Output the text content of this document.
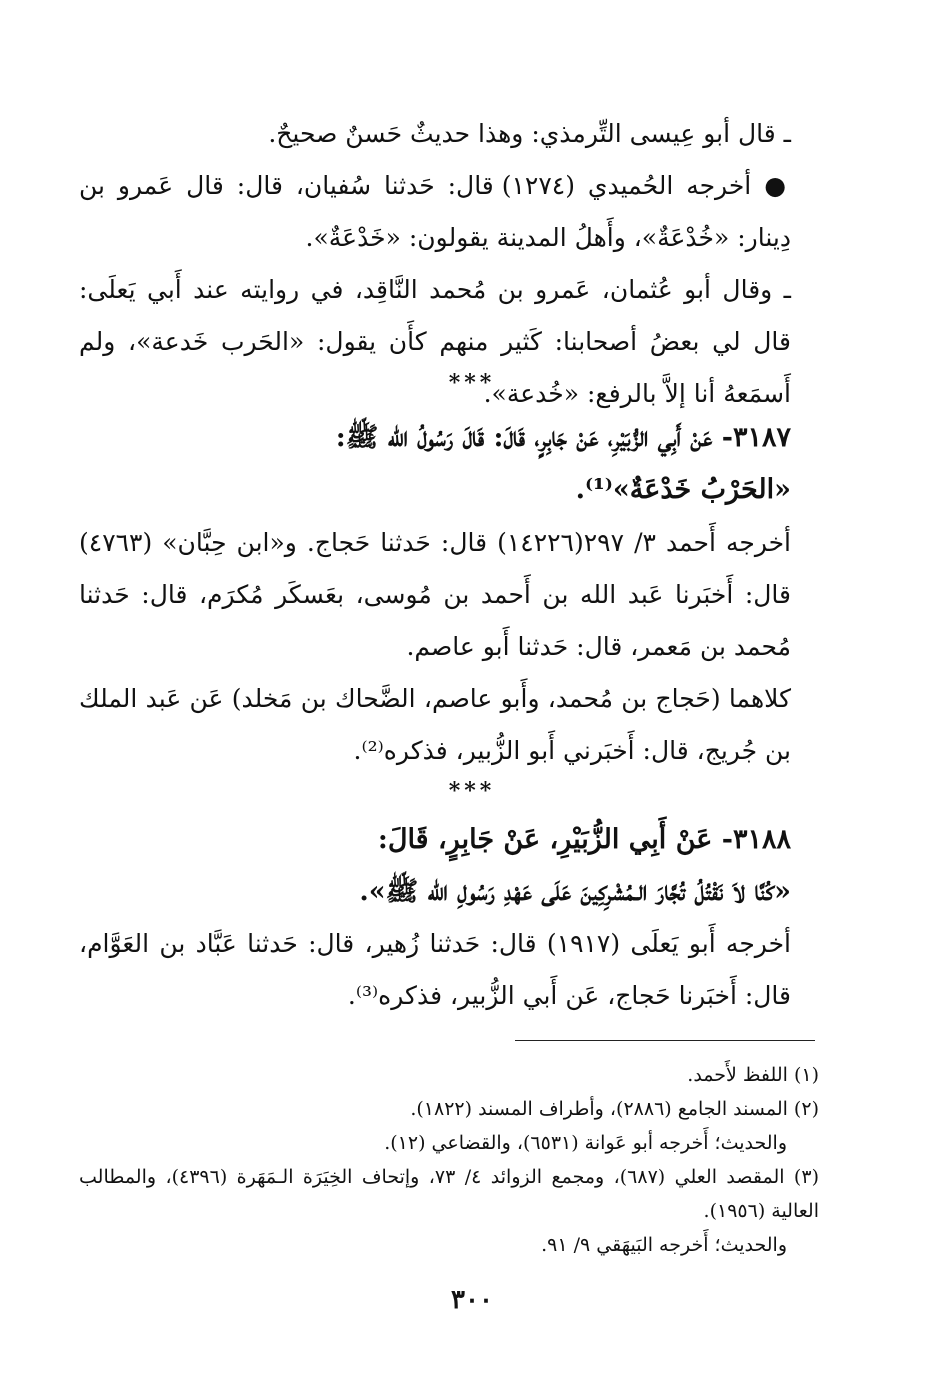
ـ قال أبو عِيسى التِّرمذي: وهذا حديثٌ حَسنٌ صحيحٌ.

● أخرجه الحُميدي (١٢٧٤) قال: حَدثنا سُفيان، قال: قال عَمرو بن دِينار: «خُدْعَةٌ»، وأَهلُ المدينة يقولون: «خَدْعَةٌ».

ـ وقال أبو عُثمان، عَمرو بن مُحمد النَّاقِد، في روايته عند أَبي يَعلَى: قال لي بعضُ أصحابنا: كَثير منهم كأَن يقول: «الحَرب خَدعة»، ولم أَسمَعهُ أنا إلاَّ بالرفع: «خُدعة».

***

٣١٨٧- عَنْ أَبِي الزُّبَيْرِ، عَنْ جَابِرٍ، قَالَ: قَالَ رَسُولُ الله ﷺ:

«الحَرْبُ خَدْعَةٌ»⁽¹⁾.

أخرجه أَحمد ٣/ ٢٩٧(١٤٢٢٦) قال: حَدثنا حَجاج. و«ابن حِبَّان» (٤٧٦٣) قال: أَخبَرنا عَبد الله بن أَحمد بن مُوسى، بعَسكَر مُكرَم، قال: حَدثنا مُحمد بن مَعمر، قال: حَدثنا أَبو عاصم.

كلاهما (حَجاج بن مُحمد، وأَبو عاصم، الضَّحاك بن مَخلد) عَن عَبد الملك بن جُريج، قال: أَخبَرني أَبو الزُّبير، فذكره⁽²⁾.

***

٣١٨٨- عَنْ أَبِي الزُّبَيْرِ، عَنْ جَابِرٍ، قَالَ:

«كُنَّا لاَ نَقْتُلُ تُجَّارَ الـمُشْرِكِينَ عَلَى عَهْدِ رَسُولِ الله ﷺ».

أخرجه أَبو يَعلَى (١٩١٧) قال: حَدثنا زُهير، قال: حَدثنا عَبَّاد بن العَوَّام، قال: أَخبَرنا حَجاج، عَن أَبي الزُّبير، فذكره⁽³⁾.

(١) اللفظ لأَحمد.

(٢) المسند الجامع (٢٨٨٦)، وأطراف المسند (١٨٢٢).

والحديث؛ أَخرجه أبو عَوانة (٦٥٣١)، والقضاعي (١٢).

(٣) المقصد العلي (٦٨٧)، ومجمع الزوائد ٤/ ٧٣، وإتحاف الخِيَرَة الـمَهَرة (٤٣٩٦)، والمطالب العالية (١٩٥٦).

والحديث؛ أَخرجه البَيهَقي ٩/ ٩١.

٣٠٠
